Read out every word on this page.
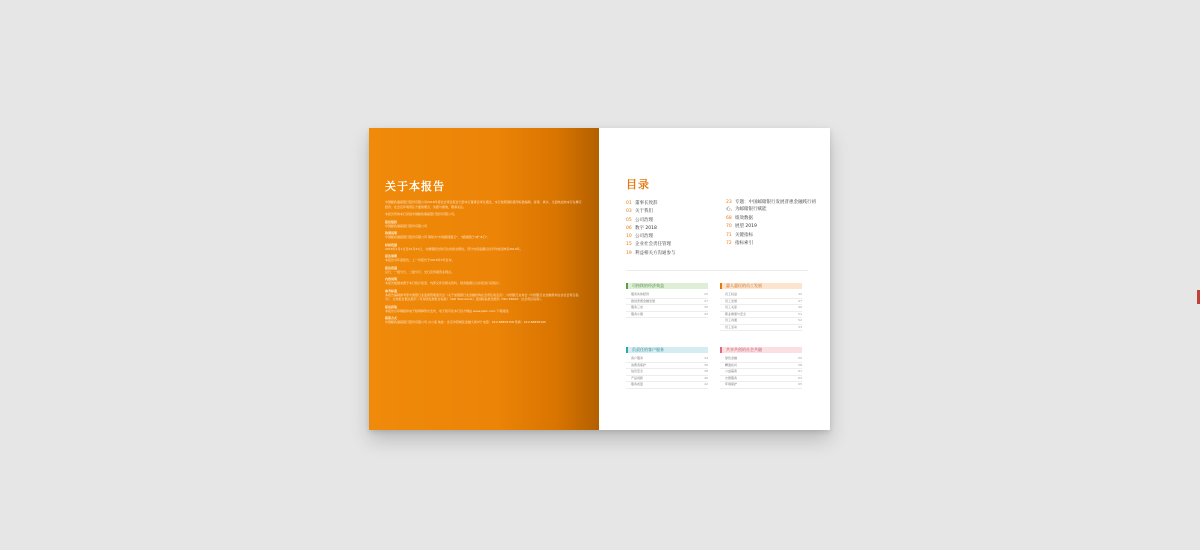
关于本报告
中国邮政储蓄银行股份有限公司2018年度社会责任报告已经本行董事会审议通过，本行按照国际通用标准编制，客观、真实、全面地反映本行在履行经济、社会及环境责任方面的理念、实践与绩效，敬请关注。
本报告所称本行是指中国邮政储蓄银行股份有限公司。
报告组织
中国邮政储蓄银行股份有限公司
称谓说明
中国邮政储蓄银行股份有限公司 简称为"中国邮储银行"、"邮储银行"或"本行"。
时间范围
2018年1月1日至12月31日，为增强报告的可比性和完整性，部分内容追溯以往年份或延伸至2019年。
报告周期
本报告为年度报告，上一份报告于2018年3月发布。
报告范围
总行、一级分行、二级分行、支行及所属营业网点。
内容说明
本报告数据来源于本行统计报表、内部文件及相关资料，财务数据以合并报表口径统计。
参考标准
本报告编制参考原中国银行业监督管理委员会《关于加强银行业金融机构社会责任的意见》、中国银行业协会《中国银行业金融机构企业社会责任指引》、全球报告倡议组织《可持续发展报告标准》（GRI Standards）及国际标准化组织《ISO 26000：社会责任指南》。
报告获取
本报告以印刷版和电子版两种形式发布，电子版可在本行官方网站 www.psbc.com 下载阅读。
联系方式
中国邮政储蓄银行股份有限公司 办公室 地址：北京市西城区金融大街3号 电话：010-68858158 传真：010-68858165
目录
01 董事长致辞
03 关于我们
05 公司治理
06 数字 2018
10 公司治理
15 企业社会责任管理
19 利益相关方沟通参与
23 专题：中国邮储银行发展普惠金融践行初心，为邮储银行赋能
68 绩效数据
70 展望 2019
71 关键指标
72 指标索引
可持续的经济效益
服务实体经济	25
推进普惠金融发展	27
服务三农	30
服务小微	32
惠人惠民的员工发展
员工权益	45
员工发展	47
员工关爱	49
职业健康与安全	51
员工沟通	52
员工活动	53
负责任的客户服务
客户服务	34
消费者保护	36
信息安全	38
产品创新	40
服务质量	42
共享共创的社会共融
绿色金融	55
精准扶贫	58
公益慈善	61
志愿服务	63
环境保护	65
